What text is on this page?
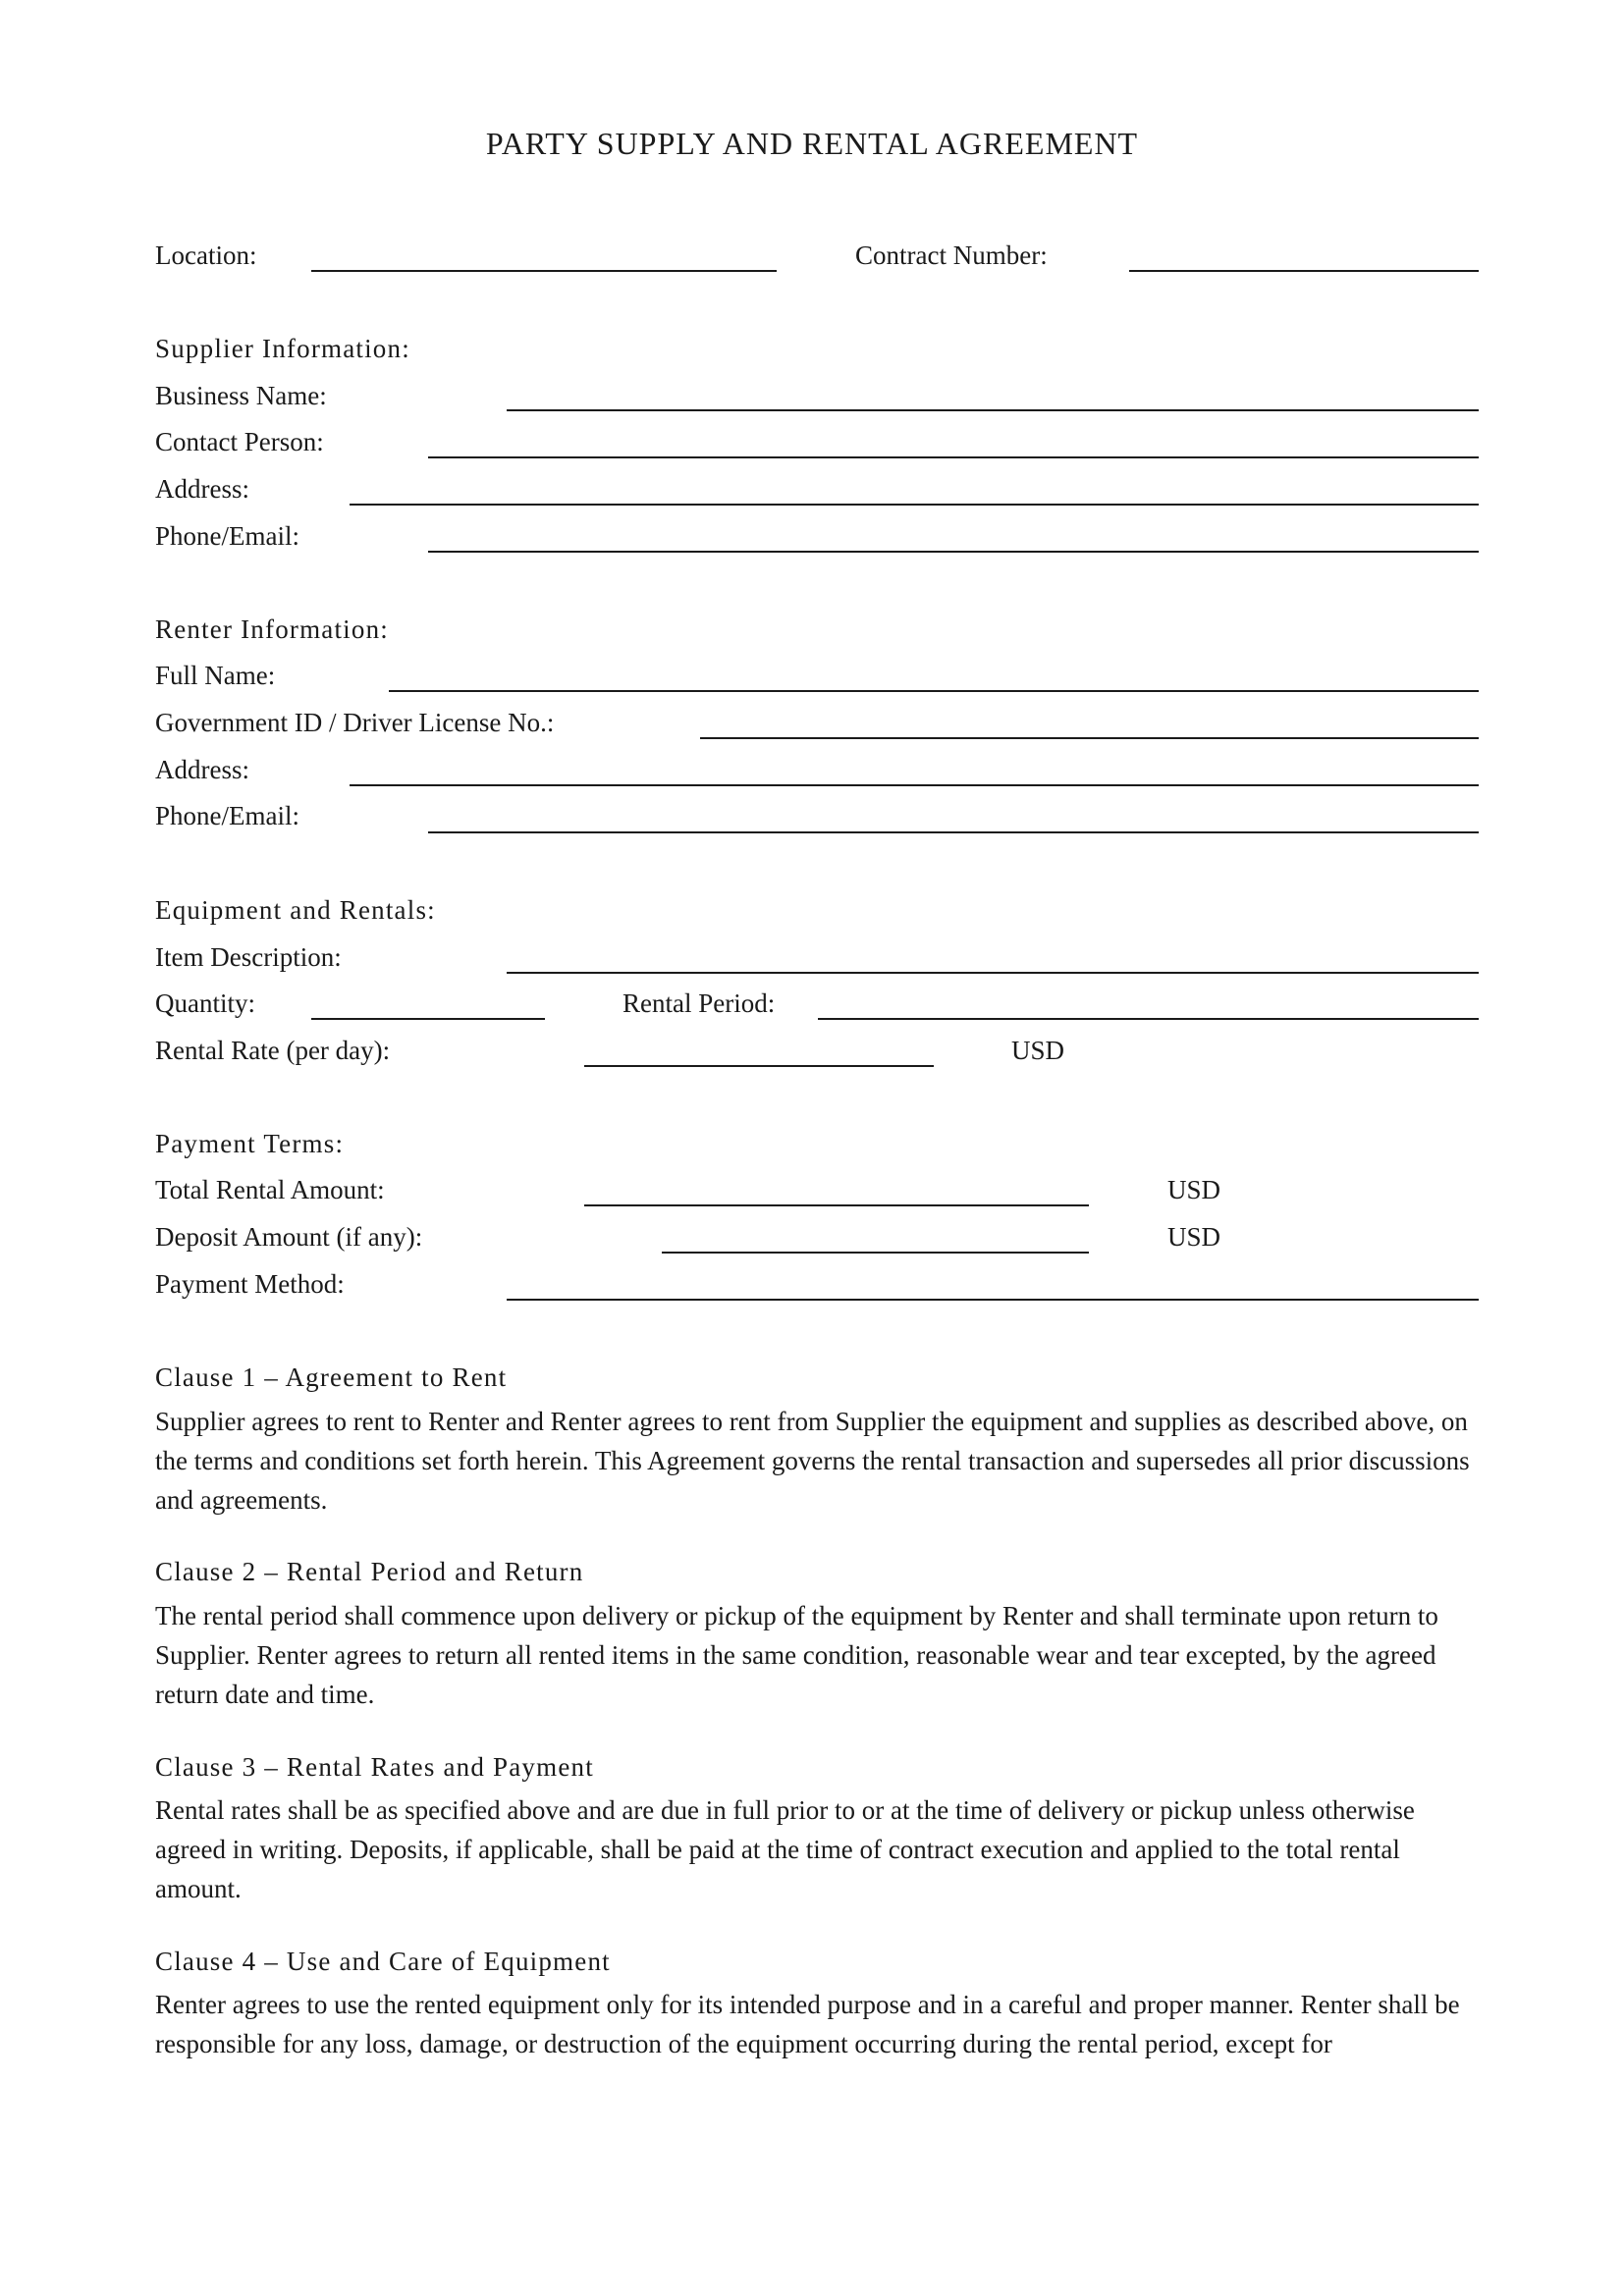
PARTY SUPPLY AND RENTAL AGREEMENT
Location:	Contract Number:
Supplier Information:
Business Name:
Contact Person:
Address:
Phone/Email:
Renter Information:
Full Name:
Government ID / Driver License No.:
Address:
Phone/Email:
Equipment and Rentals:
Item Description:
Quantity:	Rental Period:
Rental Rate (per day):	USD
Payment Terms:
Total Rental Amount:	USD
Deposit Amount (if any):	USD
Payment Method:
Clause 1 – Agreement to Rent
Supplier agrees to rent to Renter and Renter agrees to rent from Supplier the equipment and supplies as described above, on the terms and conditions set forth herein. This Agreement governs the rental transaction and supersedes all prior discussions and agreements.
Clause 2 – Rental Period and Return
The rental period shall commence upon delivery or pickup of the equipment by Renter and shall terminate upon return to Supplier. Renter agrees to return all rented items in the same condition, reasonable wear and tear excepted, by the agreed return date and time.
Clause 3 – Rental Rates and Payment
Rental rates shall be as specified above and are due in full prior to or at the time of delivery or pickup unless otherwise agreed in writing. Deposits, if applicable, shall be paid at the time of contract execution and applied to the total rental amount.
Clause 4 – Use and Care of Equipment
Renter agrees to use the rented equipment only for its intended purpose and in a careful and proper manner. Renter shall be responsible for any loss, damage, or destruction of the equipment occurring during the rental period, except for
